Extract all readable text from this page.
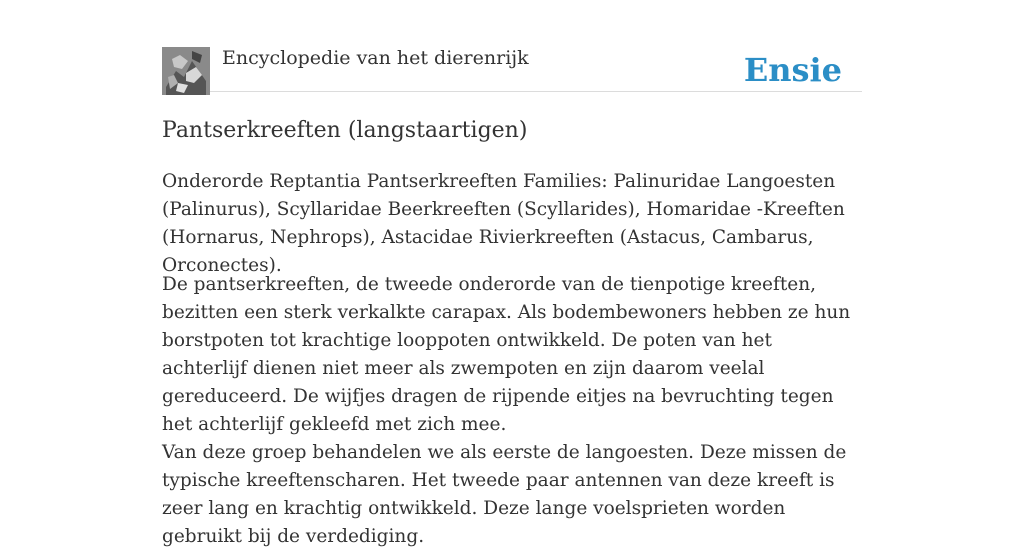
Encyclopedie van het dierenrijk	Ensie
Pantserkreeften (langstaartigen)

Onderorde Reptantia Pantserkreeften Families: Palinuridae Langoesten (Palinurus), Scyllaridae Beerkreeften (Scyllarides), Homaridae -Kreeften (Hornarus, Nephrops), Astacidae Rivierkreeften (Astacus, Cambarus, Orconectes).

De pantserkreeften, de tweede onderorde van de tienpotige kreeften, bezitten een sterk verkalkte carapax. Als bodembewoners hebben ze hun borstpoten tot krachtige looppoten ontwikkeld. De poten van het achterlijf dienen niet meer als zwempoten en zijn daarom veelal gereduceerd. De wijfjes dragen de rijpende eitjes na bevruchting tegen het achterlijf gekleefd met zich mee.

Van deze groep behandelen we als eerste de langoesten. Deze missen de typische kreeftenscharen. Het tweede paar antennen van deze kreeft is zeer lang en krachtig ontwikkeld. Deze lange voelsprieten worden gebruikt bij de verdediging.
